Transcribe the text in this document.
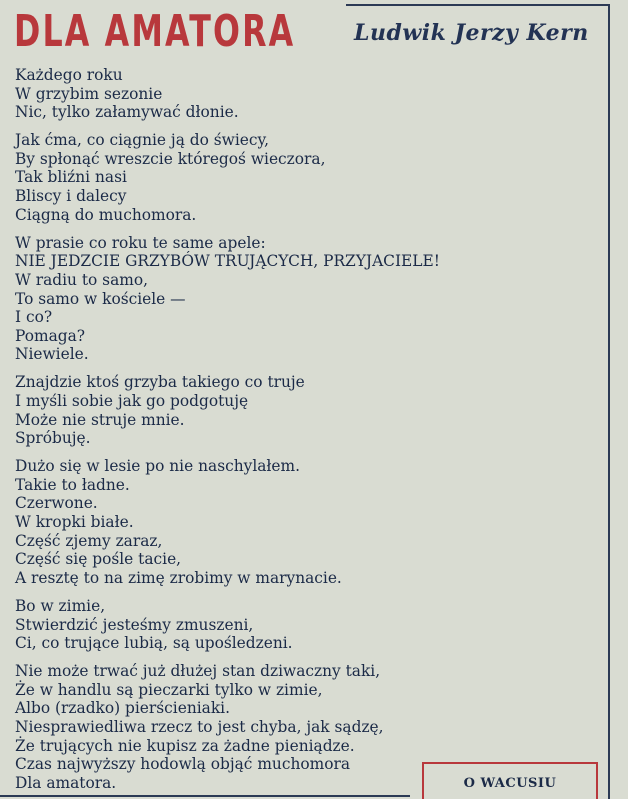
DLA AMATORA	Ludwik Jerzy Kern
Każdego roku
W grzybim sezonie
Nic, tylko załamywać dłonie.
Jak ćma, co ciągnie ją do świecy,
By spłonąć wreszcie któregoś wieczora,
Tak bliźni nasi
Bliscy i dalecy
Ciągną do muchomora.
W prasie co roku te same apele:
NIE JEDZCIE GRZYBÓW TRUJĄCYCH, PRZYJACIELE!
W radiu to samo,
To samo w kościele —
I co?
Pomaga?
Niewiele.
Znajdzie ktoś grzyba takiego co truje
I myśli sobie jak go podgotuję
Może nie struje mnie.
Spróbuję.
Dużo się w lesie po nie naschylałem.
Takie to ładne.
Czerwone.
W kropki białe.
Część zjemy zaraz,
Część się pośle tacie,
A resztę to na zimę zrobimy w marynacie.
Bo w zimie,
Stwierdzić jesteśmy zmuszeni,
Ci, co trujące lubią, są upośledzeni.
Nie może trwać już dłużej stan dziwaczny taki,
Że w handlu są pieczarki tylko w zimie,
Albo (rzadko) pierścieniaki.
Niesprawiedliwa rzecz to jest chyba, jak sądzę,
Że trujących nie kupisz za żadne pieniądze.
Czas najwyższy hodowlą objąć muchomora
Dla amatora.	O WACUSIU
